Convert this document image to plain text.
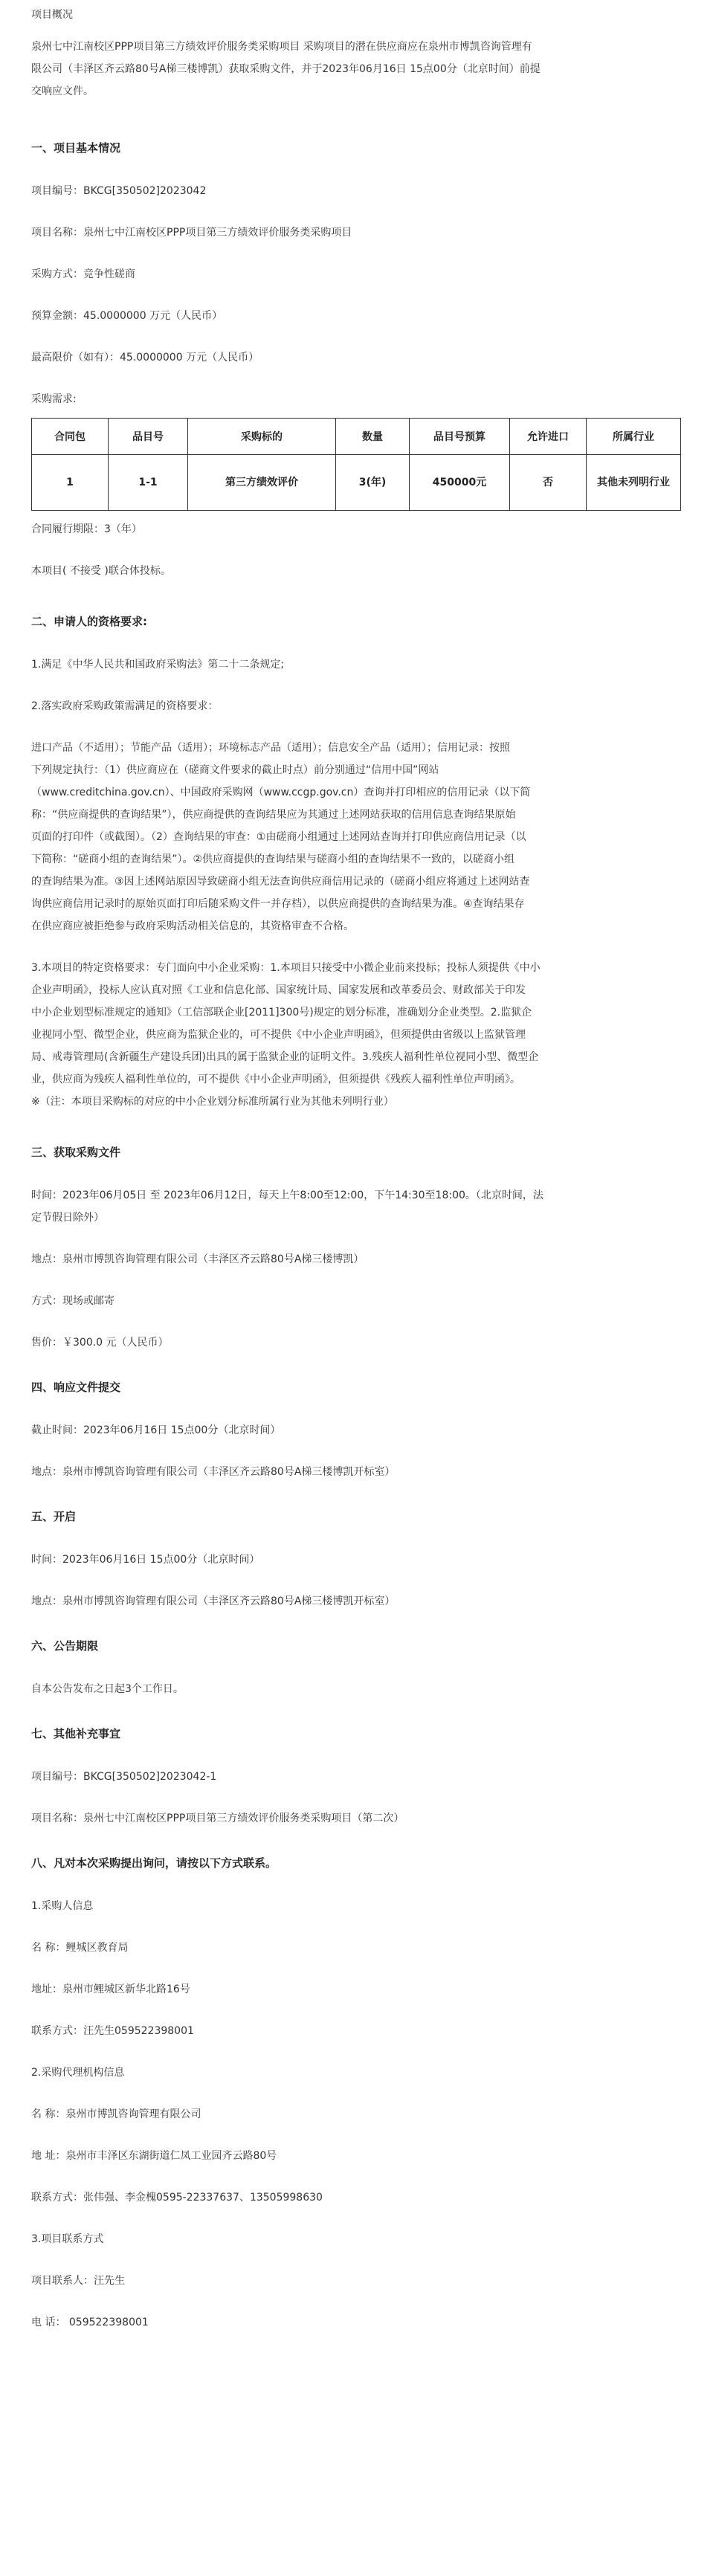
项目概况

泉州七中江南校区PPP项目第三方绩效评价服务类采购项目 采购项目的潜在供应商应在泉州市博凯咨询管理有

限公司（丰泽区齐云路80号A梯三楼博凯）获取采购文件，并于2023年06月16日 15点00分（北京时间）前提

交响应文件。

一、项目基本情况

项目编号：BKCG[350502]2023042

项目名称：泉州七中江南校区PPP项目第三方绩效评价服务类采购项目

采购方式：竞争性磋商

预算金额：45.0000000 万元（人民币）

最高限价（如有）：45.0000000 万元（人民币）

采购需求:

合同包	品目号	采购标的	数量	品目号预算	允许进口	所属行业
1	1-1	第三方绩效评价	3(年)	450000元	否	其他未列明行业

合同履行期限：3（年）

本项目( 不接受 )联合体投标。

二、申请人的资格要求:

1.满足《中华人民共和国政府采购法》第二十二条规定;

2.落实政府采购政策需满足的资格要求：

进口产品（不适用）；节能产品（适用）；环境标志产品（适用）；信息安全产品（适用）；信用记录：按照

下列规定执行：（1）供应商应在（磋商文件要求的截止时点）前分别通过“信用中国”网站

（www.creditchina.gov.cn）、中国政府采购网（www.ccgp.gov.cn）查询并打印相应的信用记录（以下简

称：“供应商提供的查询结果”），供应商提供的查询结果应为其通过上述网站获取的信用信息查询结果原始

页面的打印件（或截图）。（2）查询结果的审查：①由磋商小组通过上述网站查询并打印供应商信用记录（以

下简称：“磋商小组的查询结果”）。②供应商提供的查询结果与磋商小组的查询结果不一致的，以磋商小组

的查询结果为准。③因上述网站原因导致磋商小组无法查询供应商信用记录的（磋商小组应将通过上述网站查

询供应商信用记录时的原始页面打印后随采购文件一并存档），以供应商提供的查询结果为准。④查询结果存

在供应商应被拒绝参与政府采购活动相关信息的，其资格审查不合格。

3.本项目的特定资格要求：专门面向中小企业采购：1.本项目只接受中小微企业前来投标；投标人须提供《中小

企业声明函》，投标人应认真对照《工业和信息化部、国家统计局、国家发展和改革委员会、财政部关于印发

中小企业划型标准规定的通知》（工信部联企业[2011]300号)规定的划分标准，准确划分企业类型。2.监狱企

业视同小型、微型企业，供应商为监狱企业的，可不提供《中小企业声明函》，但须提供由省级以上监狱管理

局、戒毒管理局(含新疆生产建设兵团)出具的属于监狱企业的证明文件。3.残疾人福利性单位视同小型、微型企

业，供应商为残疾人福利性单位的，可不提供《中小企业声明函》，但须提供《残疾人福利性单位声明函》。

※（注：本项目采购标的对应的中小企业划分标准所属行业为其他未列明行业）

三、获取采购文件

时间：2023年06月05日 至 2023年06月12日，每天上午8:00至12:00，下午14:30至18:00。（北京时间，法

定节假日除外）

地点：泉州市博凯咨询管理有限公司（丰泽区齐云路80号A梯三楼博凯）

方式：现场或邮寄

售价：￥300.0 元（人民币）

四、响应文件提交

截止时间：2023年06月16日 15点00分（北京时间）

地点：泉州市博凯咨询管理有限公司（丰泽区齐云路80号A梯三楼博凯开标室）

五、开启

时间：2023年06月16日 15点00分（北京时间）

地点：泉州市博凯咨询管理有限公司（丰泽区齐云路80号A梯三楼博凯开标室）

六、公告期限

自本公告发布之日起3个工作日。

七、其他补充事宜

项目编号：BKCG[350502]2023042-1

项目名称：泉州七中江南校区PPP项目第三方绩效评价服务类采购项目（第二次）

八、凡对本次采购提出询问，请按以下方式联系。

1.采购人信息

名 称：鲤城区教育局

地址：泉州市鲤城区新华北路16号

联系方式：汪先生059522398001

2.采购代理机构信息

名 称：泉州市博凯咨询管理有限公司

地 址：泉州市丰泽区东湖街道仁凤工业园齐云路80号

联系方式：张伟强、李金槐0595-22337637、13505998630

3.项目联系方式

项目联系人：汪先生

电 话： 059522398001
